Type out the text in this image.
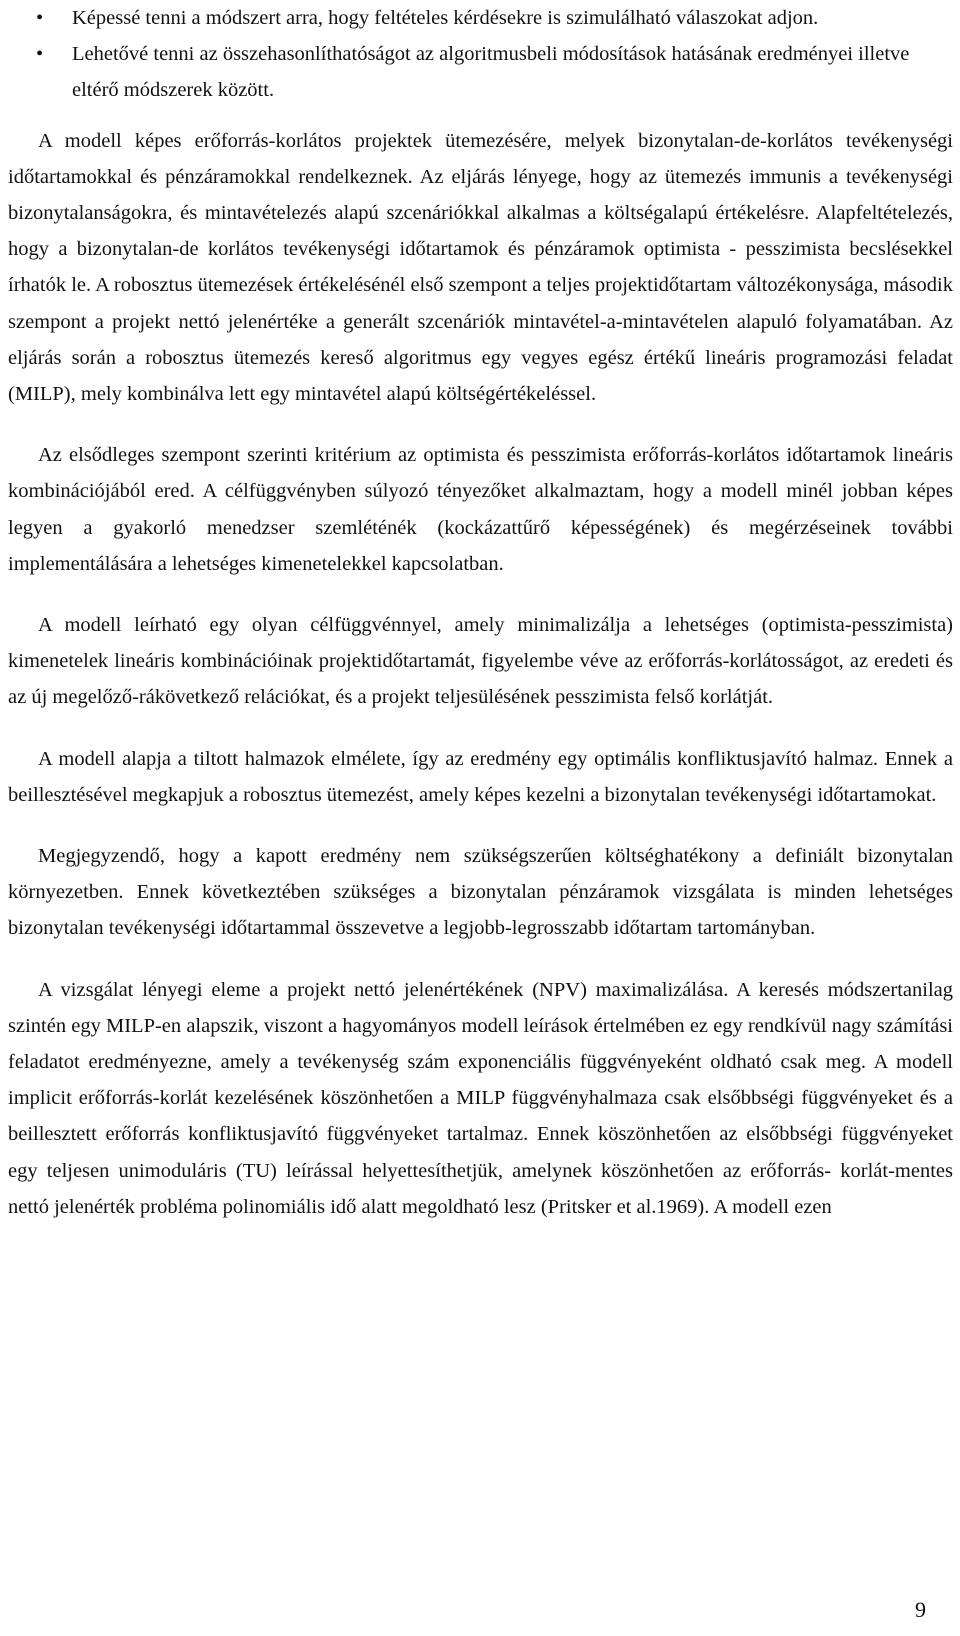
• Képessé tenni a módszert arra, hogy feltételes kérdésekre is szimulálható válaszokat adjon.
• Lehetővé tenni az összehasonlíthatóságot az algoritmusbeli módosítások hatásának eredményei illetve eltérő módszerek között.

A modell képes erőforrás-korlátos projektek ütemezésére, melyek bizonytalan-de-korlátos tevékenységi időtartamokkal és pénzáramokkal rendelkeznek. Az eljárás lényege, hogy az ütemezés immunis a tevékenységi bizonytalanságokra, és mintavételezés alapú szcenáriókkal alkalmas a költségalapú értékelésre. Alapfeltételezés, hogy a bizonytalan-de korlátos tevékenységi időtartamok és pénzáramok optimista - pesszimista becslésekkel írhatók le. A robosztus ütemezések értékelésénél első szempont a teljes projektidőtartam változékonysága, második szempont a projekt nettó jelenértéke a generált szcenáriók mintavétel-a-mintavételen alapuló folyamatában. Az eljárás során a robosztus ütemezés kereső algoritmus egy vegyes egész értékű lineáris programozási feladat (MILP), mely kombinálva lett egy mintavétel alapú költségértékeléssel.

Az elsődleges szempont szerinti kritérium az optimista és pesszimista erőforrás-korlátos időtartamok lineáris kombinációjából ered. A célfüggvényben súlyozó tényezőket alkalmaztam, hogy a modell minél jobban képes legyen a gyakorló menedzser szemléténék (kockázattűrő képességének) és megérzéseinek további implementálására a lehetséges kimenetelekkel kapcsolatban.

A modell leírható egy olyan célfüggvénnyel, amely minimalizálja a lehetséges (optimista-pesszimista) kimenetelek lineáris kombinációinak projektidőtartamát, figyelembe véve az erőforrás-korlátosságot, az eredeti és az új megelőző-rákövetkező relációkat, és a projekt teljesülésének pesszimista felső korlátját.

A modell alapja a tiltott halmazok elmélete, így az eredmény egy optimális konfliktusjavító halmaz. Ennek a beillesztésével megkapjuk a robosztus ütemezést, amely képes kezelni a bizonytalan tevékenységi időtartamokat.

Megjegyzendő, hogy a kapott eredmény nem szükségszerűen költséghatékony a definiált bizonytalan környezetben. Ennek következtében szükséges a bizonytalan pénzáramok vizsgálata is minden lehetséges bizonytalan tevékenységi időtartammal összevetve a legjobb-legrosszabb időtartam tartományban.

A vizsgálat lényegi eleme a projekt nettó jelenértékének (NPV) maximalizálása. A keresés módszertanilag szintén egy MILP-en alapszik, viszont a hagyományos modell leírások értelmében ez egy rendkívül nagy számítási feladatot eredményezne, amely a tevékenység szám exponenciális függvényeként oldható csak meg. A modell implicit erőforrás-korlát kezelésének köszönhetően a MILP függvényhalmaza csak elsőbbségi függvényeket és a beillesztett erőforrás konfliktusjavító függvényeket tartalmaz. Ennek köszönhetően az elsőbbségi függvényeket egy teljesen unimoduláris (TU) leírással helyettesíthetjük, amelynek köszönhetően az erőforrás- korlát-mentes nettó jelenérték probléma polinomiális idő alatt megoldható lesz (Pritsker et al.1969). A modell ezen

9
